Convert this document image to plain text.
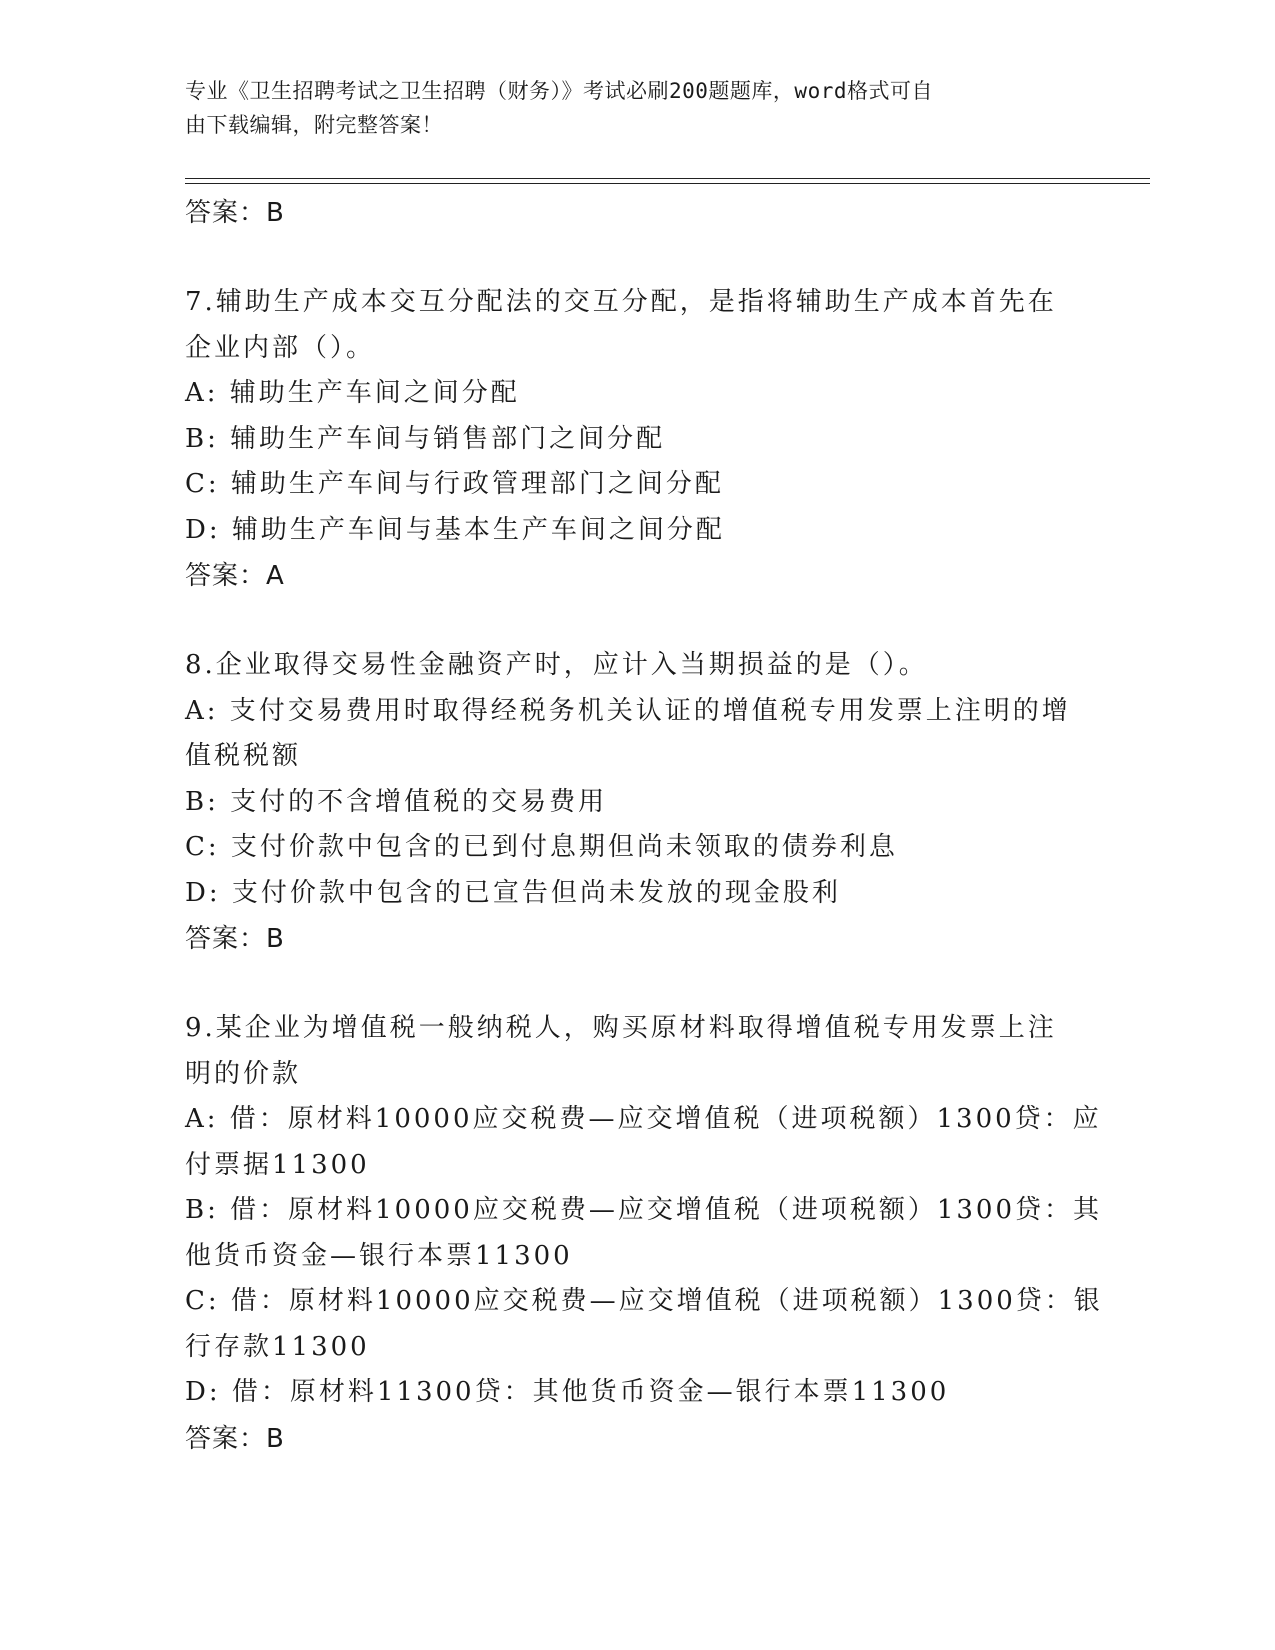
专业《卫生招聘考试之卫生招聘（财务）》考试必刷200题题库，word格式可自
由下载编辑，附完整答案！
答案：B
7.辅助生产成本交互分配法的交互分配，是指将辅助生产成本首先在
企业内部（）。
A: 辅助生产车间之间分配
B: 辅助生产车间与销售部门之间分配
C: 辅助生产车间与行政管理部门之间分配
D: 辅助生产车间与基本生产车间之间分配
答案：A
8.企业取得交易性金融资产时，应计入当期损益的是（）。
A: 支付交易费用时取得经税务机关认证的增值税专用发票上注明的增
值税税额
B: 支付的不含增值税的交易费用
C: 支付价款中包含的已到付息期但尚未领取的债券利息
D: 支付价款中包含的已宣告但尚未发放的现金股利
答案：B
9.某企业为增值税一般纳税人，购买原材料取得增值税专用发票上注
明的价款
A: 借：原材料10000应交税费—应交增值税（进项税额）1300贷：应
付票据11300
B: 借：原材料10000应交税费—应交增值税（进项税额）1300贷：其
他货币资金—银行本票11300
C: 借：原材料10000应交税费—应交增值税（进项税额）1300贷：银
行存款11300
D: 借：原材料11300贷：其他货币资金—银行本票11300
答案：B
